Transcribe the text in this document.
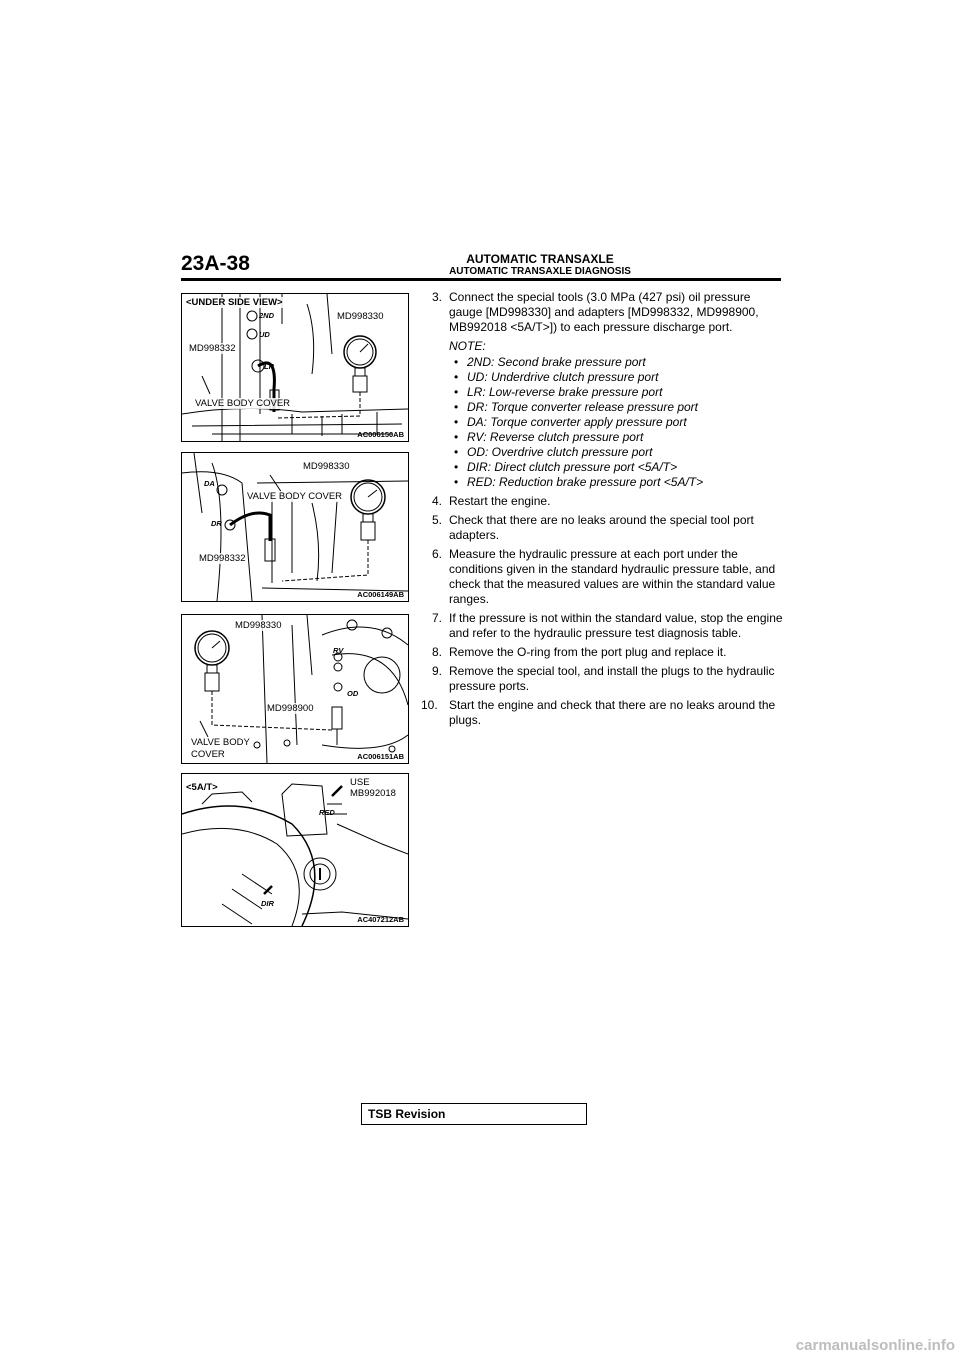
23A-38	AUTOMATIC TRANSAXLE
AUTOMATIC TRANSAXLE DIAGNOSIS
<UNDER SIDE VIEW>
MD998330
MD998332
VALVE BODY COVER
2ND
UD
LR
AC006150AB
MD998330
VALVE BODY COVER
MD998332
DA
DR
AC006149AB
MD998330
MD998900
VALVE BODY
COVER
RV
OD
AC006151AB
<5A/T>	USE
MB992018
RED
DIR
AC407212AB
3. Connect the special tools (3.0 MPa (427 psi) oil pressure gauge [MD998330] and adapters [MD998332, MD998900, MB992018 <5A/T>]) to each pressure discharge port.
NOTE:
• 2ND: Second brake pressure port
• UD: Underdrive clutch pressure port
• LR: Low-reverse brake pressure port
• DR: Torque converter release pressure port
• DA: Torque converter apply pressure port
• RV: Reverse clutch pressure port
• OD: Overdrive clutch pressure port
• DIR: Direct clutch pressure port <5A/T>
• RED: Reduction brake pressure port <5A/T>
4. Restart the engine.
5. Check that there are no leaks around the special tool port adapters.
6. Measure the hydraulic pressure at each port under the conditions given in the standard hydraulic pressure table, and check that the measured values are within the standard value ranges.
7. If the pressure is not within the standard value, stop the engine and refer to the hydraulic pressure test diagnosis table.
8. Remove the O-ring from the port plug and replace it.
9. Remove the special tool, and install the plugs to the hydraulic pressure ports.
10. Start the engine and check that there are no leaks around the plugs.
TSB Revision
carmanualsonline.info
